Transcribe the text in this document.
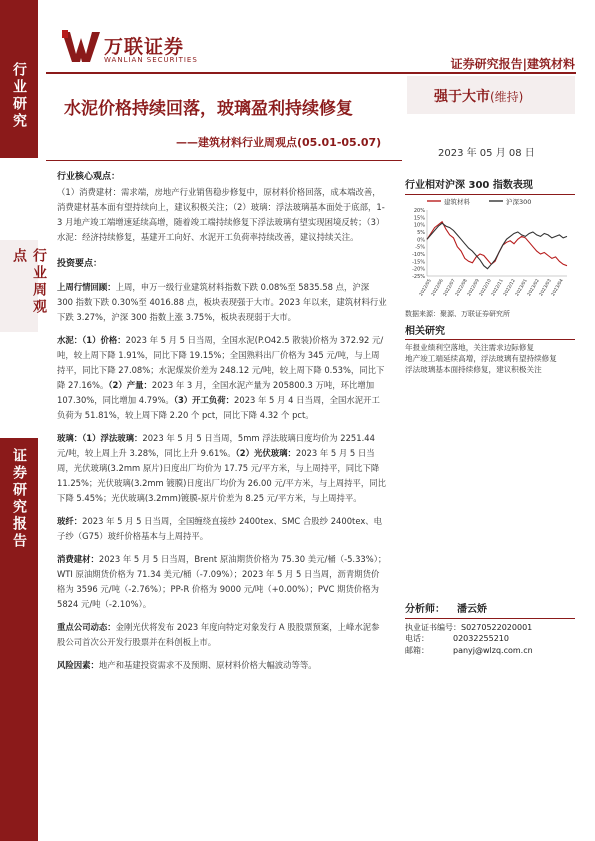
行业研究
行业周观点
证券研究报告
万联证券
WANLIAN SECURITIES	证券研究报告|建筑材料
水泥价格持续回落，玻璃盈利持续修复
——建筑材料行业周观点(05.01-05.07)
强于大市(维持)
2023 年 05 月 08 日

行业核心观点：

（1）消费建材：需求端，房地产行业销售稳步修复中，原材料价格回落，成本端改善，消费建材基本面有望持续向上，建议积极关注；（2）玻璃：浮法玻璃基本面处于底部，1-3 月地产竣工端增速延续高增，随着竣工端持续修复下浮法玻璃有望实现困境反转；（3）水泥：经济持续修复，基建开工向好、水泥开工负荷率持续改善，建议持续关注。

投资要点：

上周行情回顾：上周，申万一级行业建筑材料指数下跌 0.08%至 5835.58 点，沪深 300 指数下跌 0.30%至 4016.88 点，板块表现强于大市。2023 年以来，建筑材料行业下跌 3.27%，沪深 300 指数上涨 3.75%，板块表现弱于大市。

水泥：（1）价格：2023 年 5 月 5 日当周，全国水泥(P.O42.5 散装)价格为 372.92 元/吨，较上周下降 1.91%，同比下降 19.15%；全国熟料出厂价格为 345 元/吨，与上周持平，同比下降 27.08%；水泥煤炭价差为 248.12 元/吨，较上周下降 0.53%，同比下降 27.16%。（2）产量：2023 年 3 月，全国水泥产量为 205800.3 万吨，环比增加 107.30%，同比增加 4.79%。（3）开工负荷：2023 年 5 月 4 日当周，全国水泥开工负荷为 51.81%，较上周下降 2.20 个 pct，同比下降 4.32 个 pct。

玻璃：（1）浮法玻璃：2023 年 5 月 5 日当周，5mm 浮法玻璃日度均价为 2251.44 元/吨，较上周上升 3.28%，同比上升 9.61%。（2）光伏玻璃：2023 年 5 月 5 日当周，光伏玻璃(3.2mm 原片)日度出厂均价为 17.75 元/平方米，与上周持平，同比下降 11.25%；光伏玻璃(3.2mm 镀膜)日度出厂均价为 26.00 元/平方米，与上周持平，同比下降 5.45%；光伏玻璃(3.2mm)镀膜-原片价差为 8.25 元/平方米，与上周持平。

玻纤：2023 年 5 月 5 日当周，全国缠绕直接纱 2400tex、SMC 合股纱 2400tex、电子纱（G75）玻纤价格基本与上周持平。

消费建材：2023 年 5 月 5 日当周，Brent 原油期货价格为 75.30 美元/桶（-5.33%）；WTI 原油期货价格为 71.34 美元/桶（-7.09%）；2023 年 5 月 5 日当周，沥青期货价格为 3596 元/吨（-2.76%）；PP-R 价格为 9000 元/吨（+0.00%）；PVC 期货价格为 5824 元/吨（-2.10%）。

重点公司动态：金刚光伏将发布 2023 年度向特定对象发行 A 股股票预案，上峰水泥参股公司首次公开发行股票并在科创板上市。

风险因素：地产和基建投资需求不及预期、原材料价格大幅波动等等。

行业相对沪深 300 指数表现
建筑材料	沪深300
20%
15%
10%
5%
0%
-5%
-10%
-15%
-20%
-25%
2022/05
2022/06
2022/07
2022/08
2022/09
2022/10
2022/11
2022/12
2023/01
2023/02
2023/03
2023/04
数据来源：聚源、万联证券研究所
相关研究
年报业绩利空落地，关注需求边际修复
地产竣工端延续高增，浮法玻璃有望持续修复
浮法玻璃基本面持续修复，建议积极关注
分析师： 潘云娇
执业证书编号：S0270522020001
电话：	02032255210
邮箱：	panyj@wlzq.com.cn
